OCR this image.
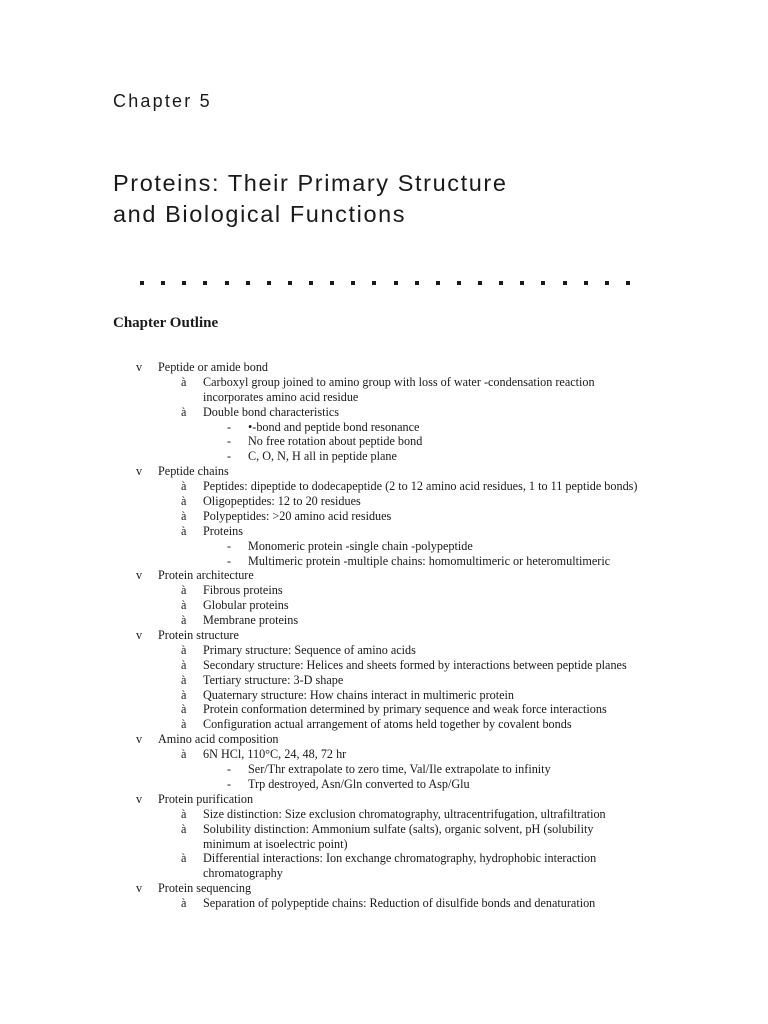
Chapter 5
Proteins: Their Primary Structure
and Biological Functions
Chapter Outline
v Peptide or amide bond
à Carboxyl group joined to amino group with loss of water -condensation reaction
incorporates amino acid residue
à Double bond characteristics
- •-bond and peptide bond resonance
- No free rotation about peptide bond
- C, O, N, H all in peptide plane
v Peptide chains
à Peptides: dipeptide to dodecapeptide (2 to 12 amino acid residues, 1 to 11 peptide bonds)
à Oligopeptides: 12 to 20 residues
à Polypeptides: >20 amino acid residues
à Proteins
- Monomeric protein -single chain -polypeptide
- Multimeric protein -multiple chains: homomultimeric or heteromultimeric
v Protein architecture
à Fibrous proteins
à Globular proteins
à Membrane proteins
v Protein structure
à Primary structure: Sequence of amino acids
à Secondary structure: Helices and sheets formed by interactions between peptide planes
à Tertiary structure: 3-D shape
à Quaternary structure: How chains interact in multimeric protein
à Protein conformation determined by primary sequence and weak force interactions
à Configuration actual arrangement of atoms held together by covalent bonds
v Amino acid composition
à 6N HCl, 110°C, 24, 48, 72 hr
- Ser/Thr extrapolate to zero time, Val/Ile extrapolate to infinity
- Trp destroyed, Asn/Gln converted to Asp/Glu
v Protein purification
à Size distinction: Size exclusion chromatography, ultracentrifugation, ultrafiltration
à Solubility distinction: Ammonium sulfate (salts), organic solvent, pH (solubility
minimum at isoelectric point)
à Differential interactions: Ion exchange chromatography, hydrophobic interaction
chromatography
v Protein sequencing
à Separation of polypeptide chains: Reduction of disulfide bonds and denaturation
